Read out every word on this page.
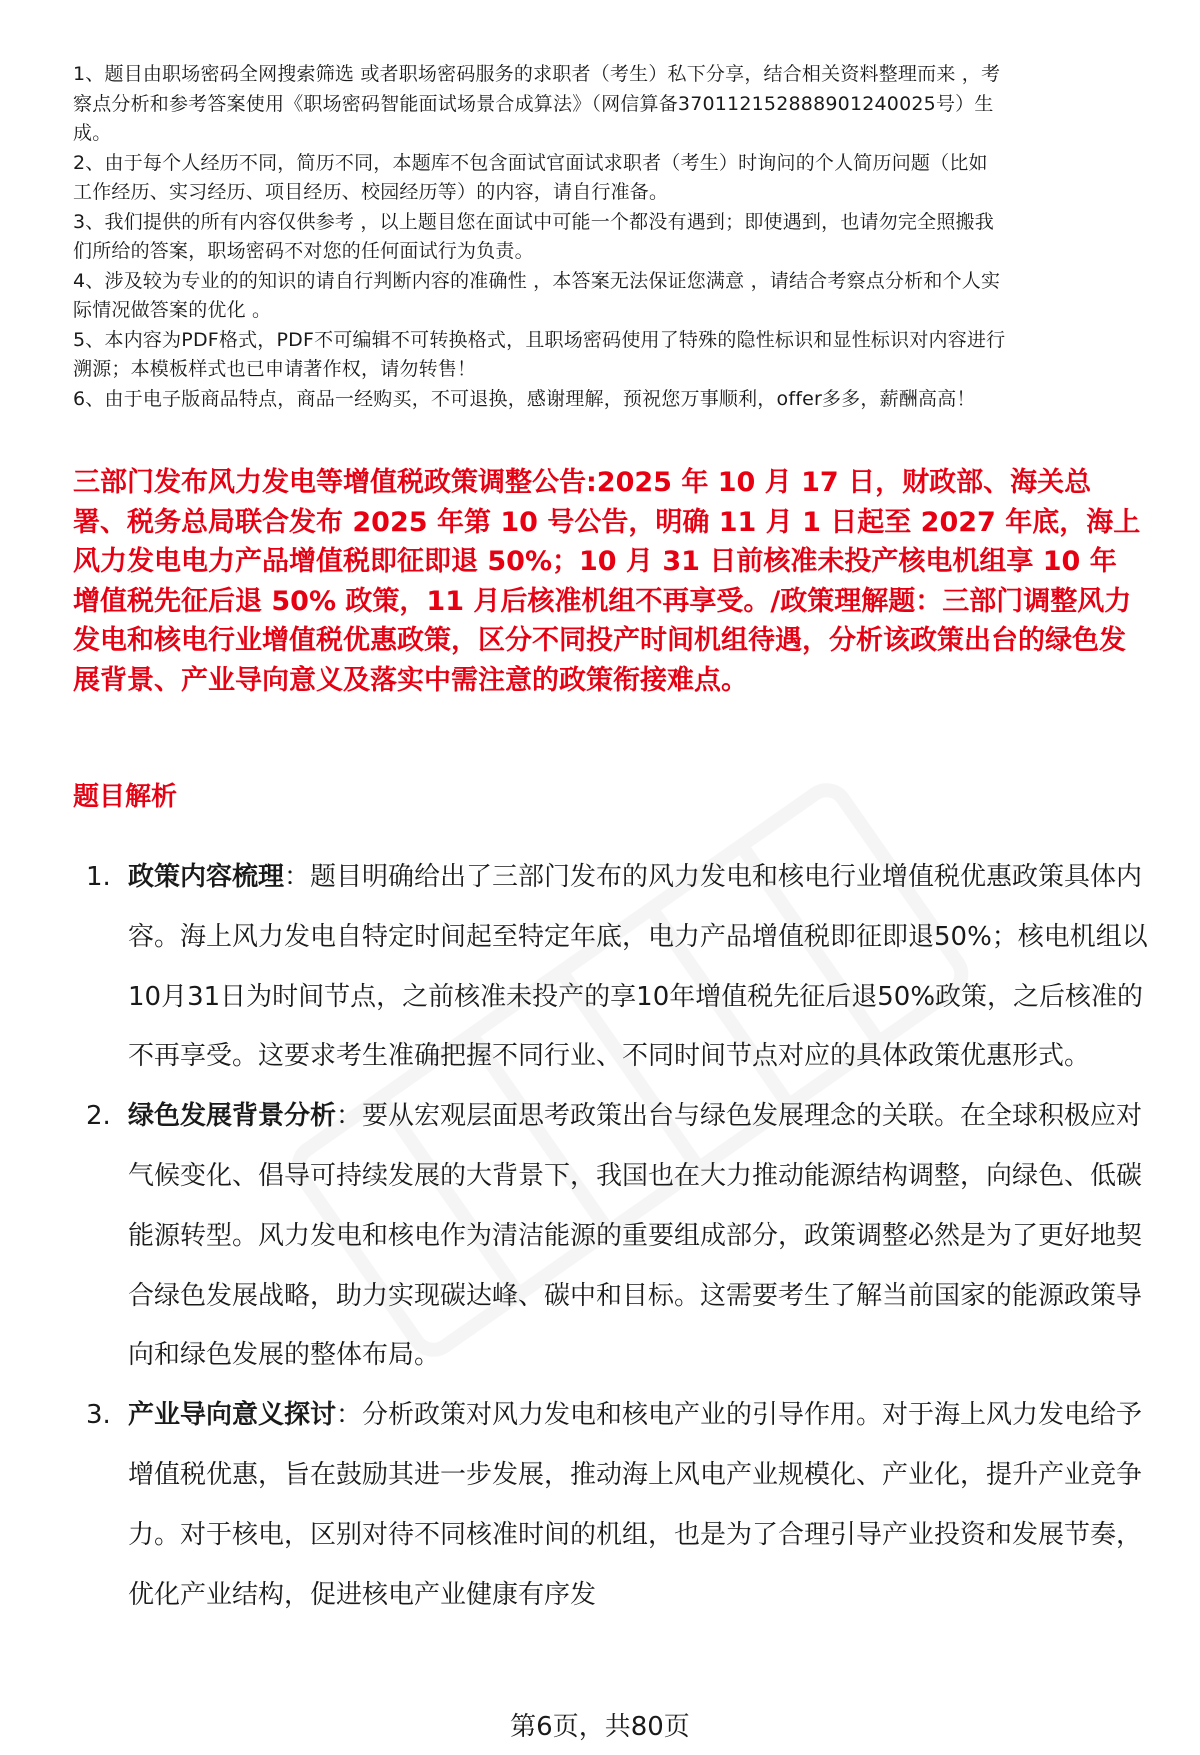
1、题目由职场密码全网搜索筛选 或者职场密码服务的求职者（考生）私下分享，结合相关资料整理而来 ，考

察点分析和参考答案使用《职场密码智能面试场景合成算法》（网信算备370112152888901240025号）生

成。

2、由于每个人经历不同，简历不同，本题库不包含面试官面试求职者（考生）时询问的个人简历问题（比如

工作经历、实习经历、项目经历、校园经历等）的内容，请自行准备。

3、我们提供的所有内容仅供参考 ，以上题目您在面试中可能一个都没有遇到；即使遇到，也请勿完全照搬我

们所给的答案，职场密码不对您的任何面试行为负责。

4、涉及较为专业的的知识的请自行判断内容的准确性 ，本答案无法保证您满意 ，请结合考察点分析和个人实

际情况做答案的优化 。

5、本内容为PDF格式，PDF不可编辑不可转换格式，且职场密码使用了特殊的隐性标识和显性标识对内容进行

溯源；本模板样式也已申请著作权，请勿转售！

6、由于电子版商品特点，商品一经购买，不可退换，感谢理解，预祝您万事顺利，offer多多，薪酬高高！

三部门发布风力发电等增值税政策调整公告:2025 年 10 月 17 日，财政部、海关总署、税务总局联合发布 2025 年第 10 号公告，明确 11 月 1 日起至 2027 年底，海上风力发电电力产品增值税即征即退 50%；10 月 31 日前核准未投产核电机组享 10 年增值税先征后退 50% 政策，11 月后核准机组不再享受。/政策理解题：三部门调整风力发电和核电行业增值税优惠政策，区分不同投产时间机组待遇，分析该政策出台的绿色发展背景、产业导向意义及落实中需注意的政策衔接难点。

题目解析
1. 政策内容梳理：题目明确给出了三部门发布的风力发电和核电行业增值税优惠政策具体内容。海上风力发电自特定时间起至特定年底，电力产品增值税即征即退50%；核电机组以10月31日为时间节点，之前核准未投产的享10年增值税先征后退50%政策，之后核准的不再享受。这要求考生准确把握不同行业、不同时间节点对应的具体政策优惠形式。

2. 绿色发展背景分析：要从宏观层面思考政策出台与绿色发展理念的关联。在全球积极应对气候变化、倡导可持续发展的大背景下，我国也在大力推动能源结构调整，向绿色、低碳能源转型。风力发电和核电作为清洁能源的重要组成部分，政策调整必然是为了更好地契合绿色发展战略，助力实现碳达峰、碳中和目标。这需要考生了解当前国家的能源政策导向和绿色发展的整体布局。

3. 产业导向意义探讨：分析政策对风力发电和核电产业的引导作用。对于海上风力发电给予增值税优惠，旨在鼓励其进一步发展，推动海上风电产业规模化、产业化，提升产业竞争力。对于核电，区别对待不同核准时间的机组，也是为了合理引导产业投资和发展节奏，优化产业结构，促进核电产业健康有序发

第6页，共80页
